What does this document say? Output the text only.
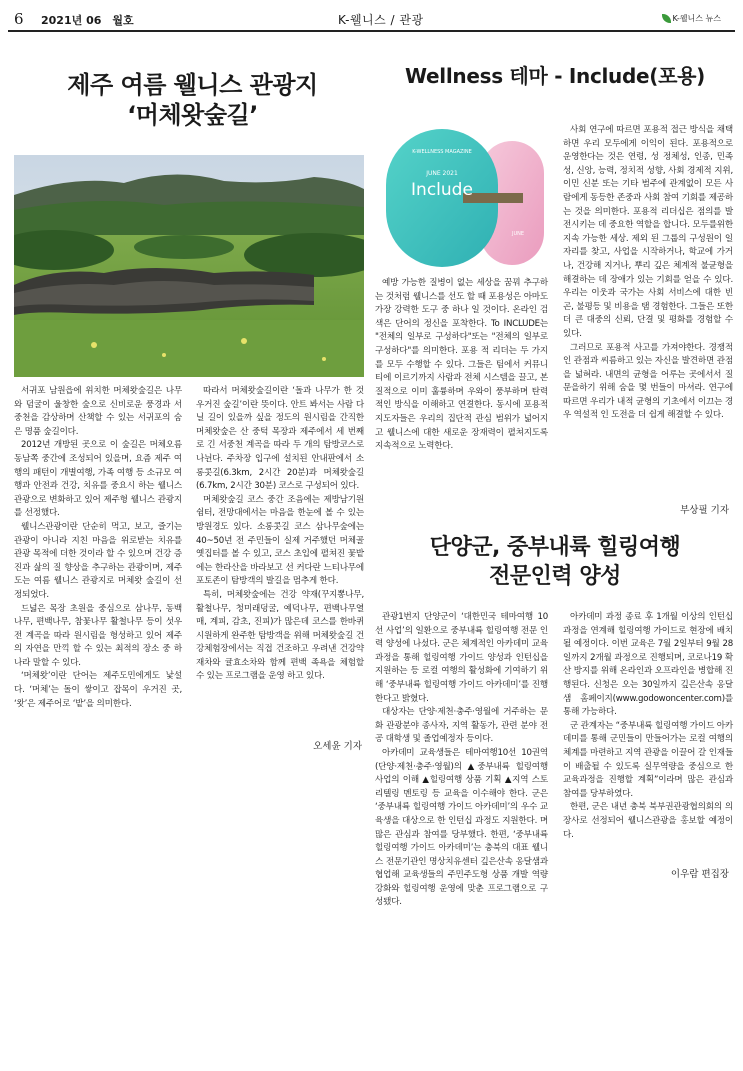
6 2021년 06　월호	K-웰니스 / 관광	K-웰니스 뉴스
제주 여름 웰니스 관광지
‘머체왓숲길’

서귀포 남원읍에 위치한 머체왓숲길은 나무와 덤굴이 울창한 숲으로 신비로운 풍경과 서중천을 감상하며 산책할 수 있는 서귀포의 숨은 명품 숲길이다.

2012년 개방된 곳으로 이 숲길은 머체오름 동남쪽 중간에 조성되어 있을며, 요즘 제주 여행의 패턴이 개별여행, 가족 여행 등 소규모 여행과 안전과 건강, 치유를 중요시 하는 웰니스 관광으로 변화하고 있어 제주형 웰니스 관광지를 선정했다.

웰니스관광이란 단순히 먹고, 보고, 즐기는 관광이 아니라 지친 마음을 위로받는 치유를 관광 목적에 더한 것이라 할 수 있으며 건강 증진과 삶의 질 향상을 추구하는 관광이며, 제주도는 여름 웰니스 관광지로 머체왓 숲길이 선정되었다.

드넓은 목장 초원을 중심으로 삼나무, 동백나무, 편백나무, 참꽃나무 활철나무 등이 섯우전 계곡을 따라 원시림을 형성하고 있어 제주의 자연을 만끽 할 수 있는 최적의 장소 중 하나라 말할 수 있다.

‘머체왓’이란 단어는 제주도민에게도 낯설다. ‘머체’는 돌이 쌓이고 잡목이 우거진 곳, ‘왓’은 제주어로 ‘밭’을 의미한다.

따라서 머체왓숲길이란 ‘돌과 나무가 한 것 우거진 숲길’이란 뜻이다. 안트 봐서는 사람 다닐 길이 있을까 싶을 정도의 원시림을 간직한 머체왓숲은 산 중턱 목장과 제주에서 세 번째로 긴 서중천 계곡을 따라 두 개의 탐방코스로 나뉜다. 주차장 입구에 설치된 안내판에서 소롱콧길(6.3km, 2시간 20분)과 머체왓숲길(6.7km, 2시간 30분) 코스로 구성되어 있다.

머체왓숲길 코스 중간 조음에는 제방남기원쉼터, 전망대에서는 마음을 한눈에 볼 수 있는 방원경도 있다. 소롱콧길 코스 삼나무숲에는 40~50년 전 주민들이 실제 거주했던 머체골 옛집터를 볼 수 있고, 코스 초입에 펼쳐진 꽃밭에는 한라산을 바라보고 선 커다란 느티나무에 포토존이 탐방객의 발길을 멈추게 한다.

특히, 머체왓숲에는 건강 약재(꾸지뽕나무, 활철나무, 청미래덩굴, 예덕나무, 편백나무열매, 계피, 감초, 진피)가 많은데 코스를 한바퀴 시원하게 완주한 탐방객을 위해 머체왓숲길 건강체험장에서는 직접 건조하고 우려낸 건강약재차와 귤효소차와 함께 편백 족욕을 체험할 수 있는 프로그램을 운영 하고 있다.

오세윤 기자
Wellness 테마 - Include(포용)
K-WELLNESS MAGAZINE
JUNE 2021
Include
JUNE

예방 가능한 질병이 없는 세상을 꿈꿔 추구하는 것처럼 웰니스를 선도 할 때 포용성은 아마도 가장 강력한 도구 중 하나 일 것이다. 온라인 검색은 단어의 정신을 포착한다. To INCLUDE는 "전체의 일부로 구성하다"또는 "전체의 일부로 구성하다"를 의미한다. 포용 적 리더는 두 가지를 모두 수행할 수 있다. 그들은 팀에서 커뮤니티에 이르기까지 사람과 전체 시스템을 끌고, 본질적으로 이미 훌륭하며 우와이 풍부하며 탄력적인 방식을 이해하고 연결한다. 동시에 포용적 지도자들은 우리의 집단적 관심 범위가 넓어지고 웰니스에 대한 새로운 장재력이 펼쳐지도록 지속적으로 노력한다.

사회 연구에 따르면 포용적 접근 방식을 채택하면 우리 모두에게 이익이 된다. 포용적으로 운영한다는 것은 연령, 성 정체성, 인종, 민족성, 신앙, 능력, 정치적 성향, 사회 경제적 지위, 이민 신분 또는 기타 범주에 관계없이 모든 사람에게 동등한 존중과 사회 참여 기회를 제공하는 것을 의미한다. 포용적 리더십은 점의를 발전시키는 데 중요한 역할을 합니다. 모두를위한 지속 가능한 세상. 제외 된 그룹의 구성원이 일자리를 찾고, 사업을 시작하거나, 학교에 가거나, 건강해 지거나, 뿌리 깊은 체계적 불균형을 해결하는 데 장애가 있는 기회를 얻을 수 있다. 우리는 이웃과 국가는 사회 서비스에 대한 빈곤, 불평등 및 비용을 탬 경험한다. 그들은 또한 더 큰 대중의 신뢰, 단결 및 평화를 경험할 수 있다.

그러므로 포용적 사고를 가져야한다. 경쟁적인 관점과 씨름하고 있는 자신을 발견하면 관점을 넓혀라. 내면의 균형을 어루는 곳에서서 질문을하기 위해 숨을 몇 번들이 마셔라. 연구에 따르면 우리가 내적 균형의 기초에서 이끄는 경우 역설적 인 도전을 더 쉽게 해결할 수 있다.

부상필 기자
단양군, 중부내륙 힐링여행
전문인력 양성

관광1번지 단양군이 ‘대한민국 테마여행 10선 사업’의 일환으로 중부내륙 힐링여행 전문 인력 양성에 나섰다. 군은 체계적인 아카데미 교육 과정을 통해 힐링여행 가이드 양성과 인턴십을 지원하는 등 로컬 여행의 활성화에 기여하기 위해 ‘중부내륙 힐링여행 가이드 아카데미’를 진행한다고 밝혔다.

대상자는 단양·제천·충주·영월에 거주하는 문화 관광분야 종사자, 지역 활동가, 관련 분야 전공 대학생 및 졸업예정자 등이다.

아카데미 교육생들은 테마여행10선 10권역(단양·제천·충주·영월)의 ▲중부내륙 힐링여행 사업의 이해 ▲힐링여행 상품 기획 ▲지역 스토리텔링 멘토링 등 교육을 이수해야 한다. 군은 ‘중부내륙 힐링여행 가이드 아카데미’의 우수 교육생을 대상으로 한 인턴십 과정도 지원한다. 며 많은 관심과 참여를 당부했다. 한편, ‘중부내륙 힐링여행 가이드 아카데미’는 충북의 대표 웰니스 전문기관인 명상치유센터 깊은산속 옹달샘과 협업해 교육생들의 주민주도형 상품 개발 역량 강화와 힐링여행 운영에 맞춘 프로그램으로 구성됐다.

아카데미 과정 종료 후 1개월 이상의 인턴십 과정을 연계해 힐링여행 가이드로 현장에 배치될 예정이다. 이번 교육은 7월 2일부터 9월 28일까지 2개월 과정으로 진행되며, 코로나19 확산 방지를 위해 온라인과 오프라인을 병합해 진행된다. 신청은 오는 30일까지 깊은산속 옹달샘 홈페이지(www.godowoncenter.com)를 통해 가능하다.

군 관계자는 “중부내륙 힐링여행 가이드 아카데미를 통해 군민들이 만들어가는 로컬 여행의 체계를 마련하고 지역 관광을 이끌어 갈 인재들이 배출될 수 있도록 실무역량을 중심으로 한 교육과정을 진행할 계획”이라며 많은 관심과 참여를 당부하였다.

한편, 군은 내년 충북 북부권관광협의회의 의장사로 선정되어 웰니스관광을 홍보할 예정이다.

이우람 편집장
